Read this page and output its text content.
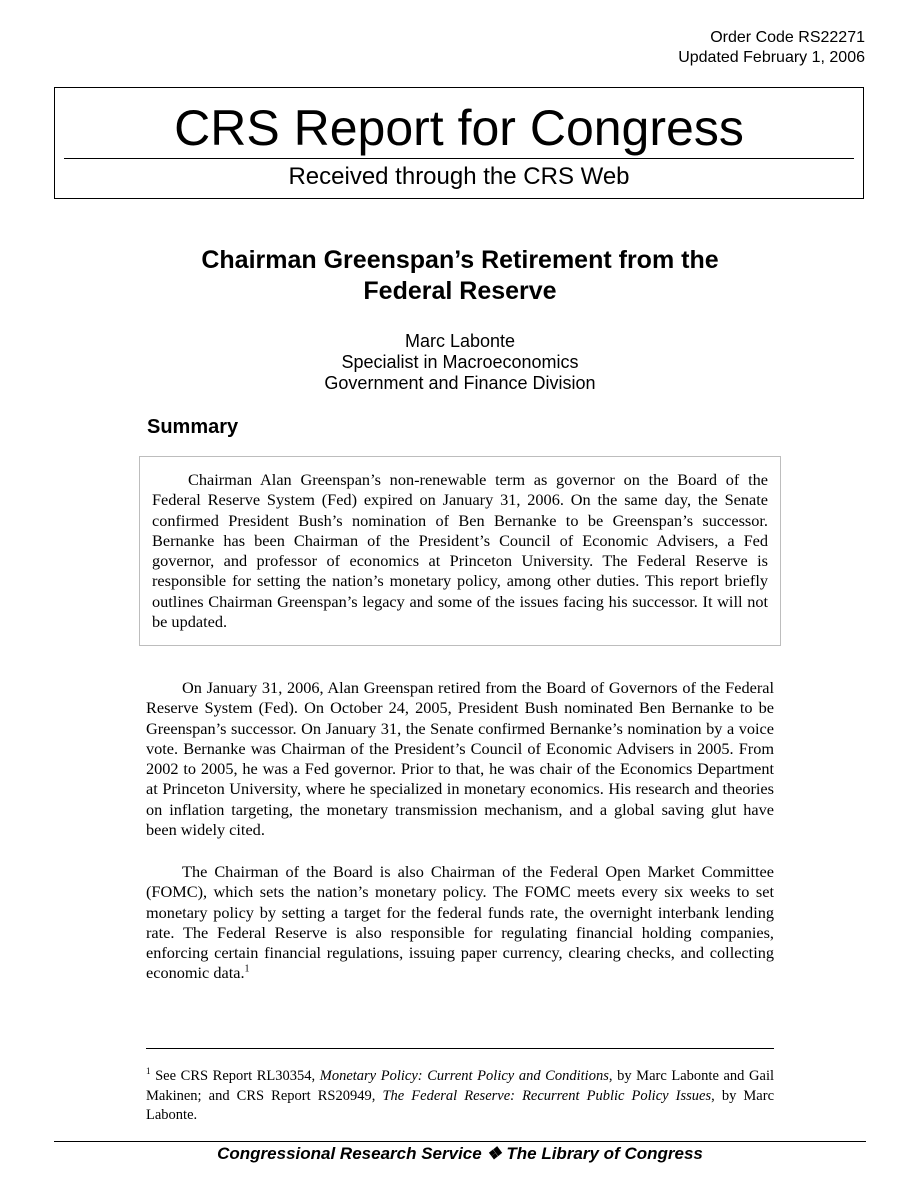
Order Code RS22271
Updated February 1, 2006
CRS Report for Congress
Received through the CRS Web
Chairman Greenspan’s Retirement from the
Federal Reserve
Marc Labonte
Specialist in Macroeconomics
Government and Finance Division
Summary

Chairman Alan Greenspan’s non-renewable term as governor on the Board of the Federal Reserve System (Fed) expired on January 31, 2006. On the same day, the Senate confirmed President Bush’s nomination of Ben Bernanke to be Greenspan’s successor. Bernanke has been Chairman of the President’s Council of Economic Advisers, a Fed governor, and professor of economics at Princeton University. The Federal Reserve is responsible for setting the nation’s monetary policy, among other duties. This report briefly outlines Chairman Greenspan’s legacy and some of the issues facing his successor. It will not be updated.

On January 31, 2006, Alan Greenspan retired from the Board of Governors of the Federal Reserve System (Fed). On October 24, 2005, President Bush nominated Ben Bernanke to be Greenspan’s successor. On January 31, the Senate confirmed Bernanke’s nomination by a voice vote. Bernanke was Chairman of the President’s Council of Economic Advisers in 2005. From 2002 to 2005, he was a Fed governor. Prior to that, he was chair of the Economics Department at Princeton University, where he specialized in monetary economics. His research and theories on inflation targeting, the monetary transmission mechanism, and a global saving glut have been widely cited.

The Chairman of the Board is also Chairman of the Federal Open Market Committee (FOMC), which sets the nation’s monetary policy. The FOMC meets every six weeks to set monetary policy by setting a target for the federal funds rate, the overnight interbank lending rate. The Federal Reserve is also responsible for regulating financial holding companies, enforcing certain financial regulations, issuing paper currency, clearing checks, and collecting economic data.$^1$

$^1$ See CRS Report RL30354, Monetary Policy: Current Policy and Conditions, by Marc Labonte and Gail Makinen; and CRS Report RS20949, The Federal Reserve: Recurrent Public Policy Issues, by Marc Labonte.

Congressional Research Service ❖ The Library of Congress
